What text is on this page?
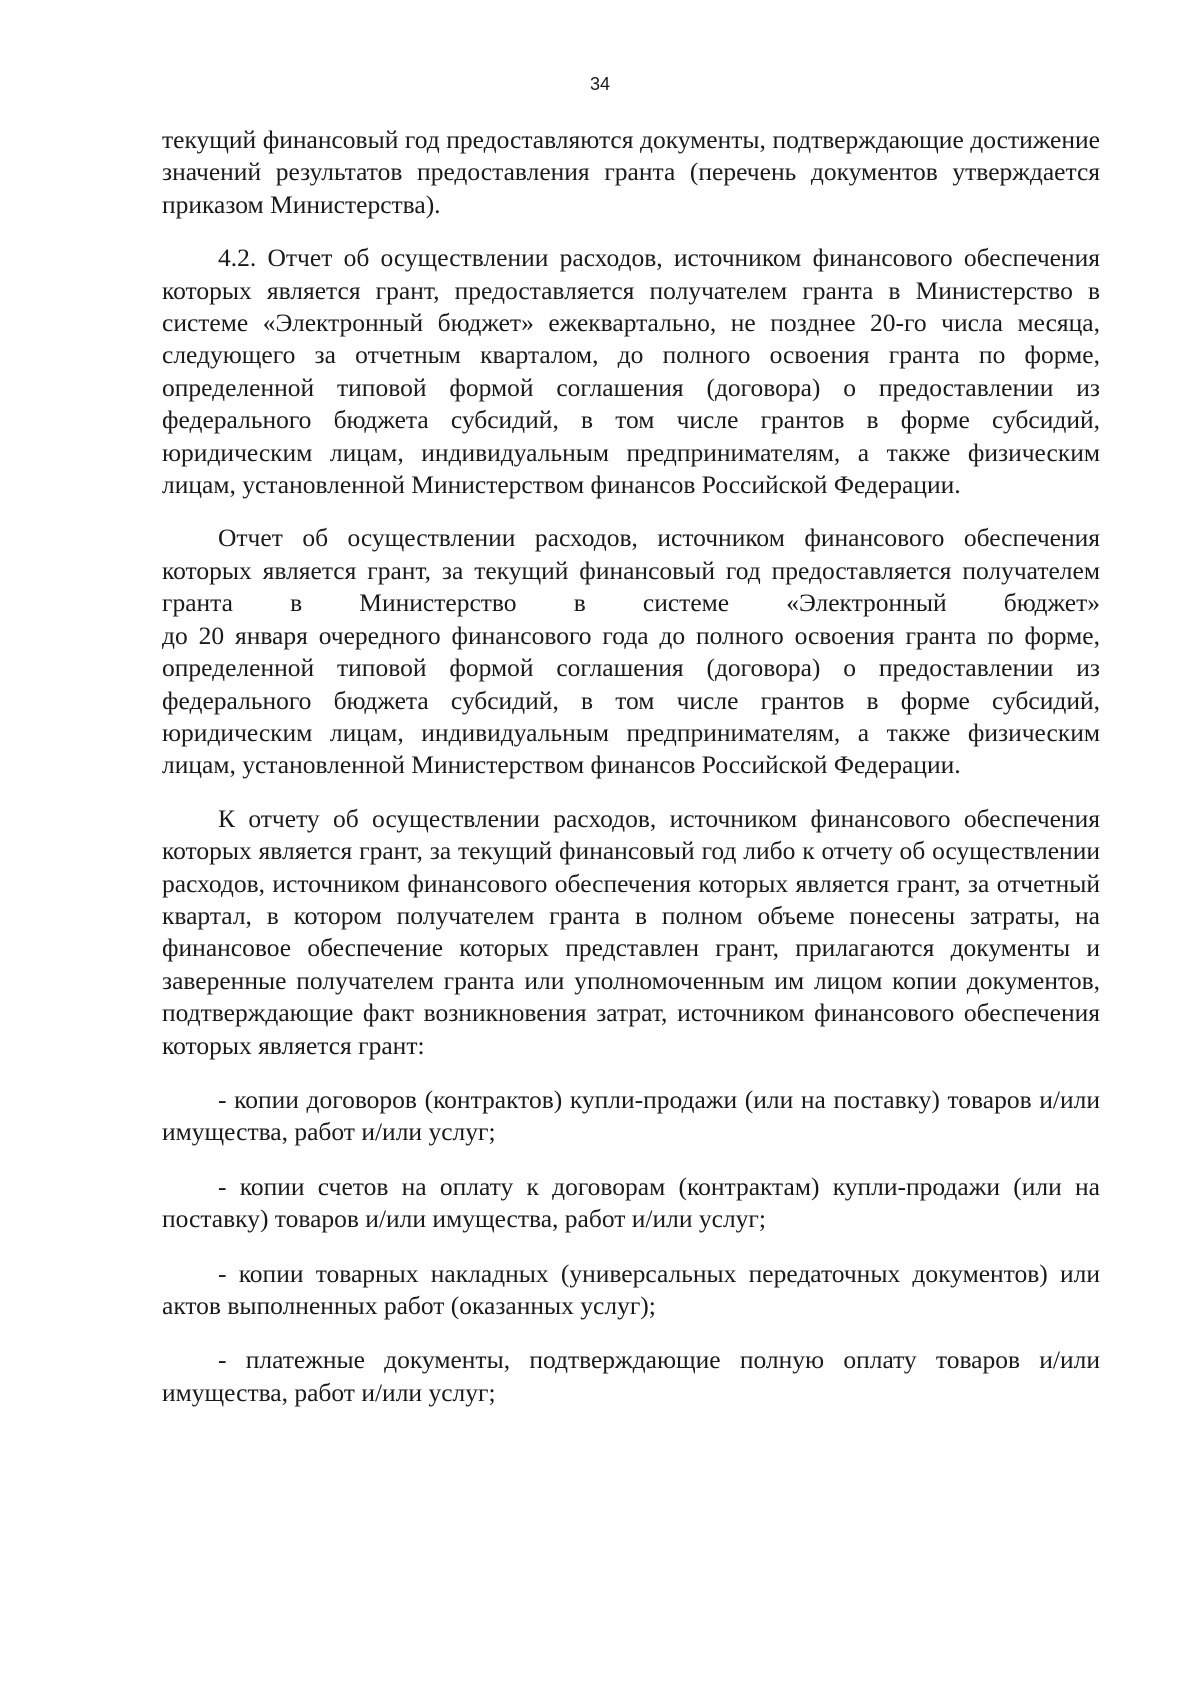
34

текущий финансовый год предоставляются документы, подтверждающие достижение значений результатов предоставления гранта (перечень документов утверждается приказом Министерства).

4.2. Отчет об осуществлении расходов, источником финансового обеспечения которых является грант, предоставляется получателем гранта в Министерство в системе «Электронный бюджет» ежеквартально, не позднее 20-го числа месяца, следующего за отчетным кварталом, до полного освоения гранта по форме, определенной типовой формой соглашения (договора) о предоставлении из федерального бюджета субсидий, в том числе грантов в форме субсидий, юридическим лицам, индивидуальным предпринимателям, а также физическим лицам, установленной Министерством финансов Российской Федерации.

Отчет об осуществлении расходов, источником финансового обеспечения которых является грант, за текущий финансовый год предоставляется получателем гранта в Министерство в системе «Электронный бюджет»

до 20 января очередного финансового года до полного освоения гранта по форме, определенной типовой формой соглашения (договора) о предоставлении из федерального бюджета субсидий, в том числе грантов в форме субсидий, юридическим лицам, индивидуальным предпринимателям, а также физическим лицам, установленной Министерством финансов Российской Федерации.

К отчету об осуществлении расходов, источником финансового обеспечения которых является грант, за текущий финансовый год либо к отчету об осуществлении расходов, источником финансового обеспечения которых является грант, за отчетный квартал, в котором получателем гранта в полном объеме понесены затраты, на финансовое обеспечение которых представлен грант, прилагаются документы и заверенные получателем гранта или уполномоченным им лицом копии документов, подтверждающие факт возникновения затрат, источником финансового обеспечения которых является грант:

- копии договоров (контрактов) купли-продажи (или на поставку) товаров и/или имущества, работ и/или услуг;

- копии счетов на оплату к договорам (контрактам) купли-продажи (или на поставку) товаров и/или имущества, работ и/или услуг;

- копии товарных накладных (универсальных передаточных документов) или актов выполненных работ (оказанных услуг);

- платежные документы, подтверждающие полную оплату товаров и/или имущества, работ и/или услуг;
